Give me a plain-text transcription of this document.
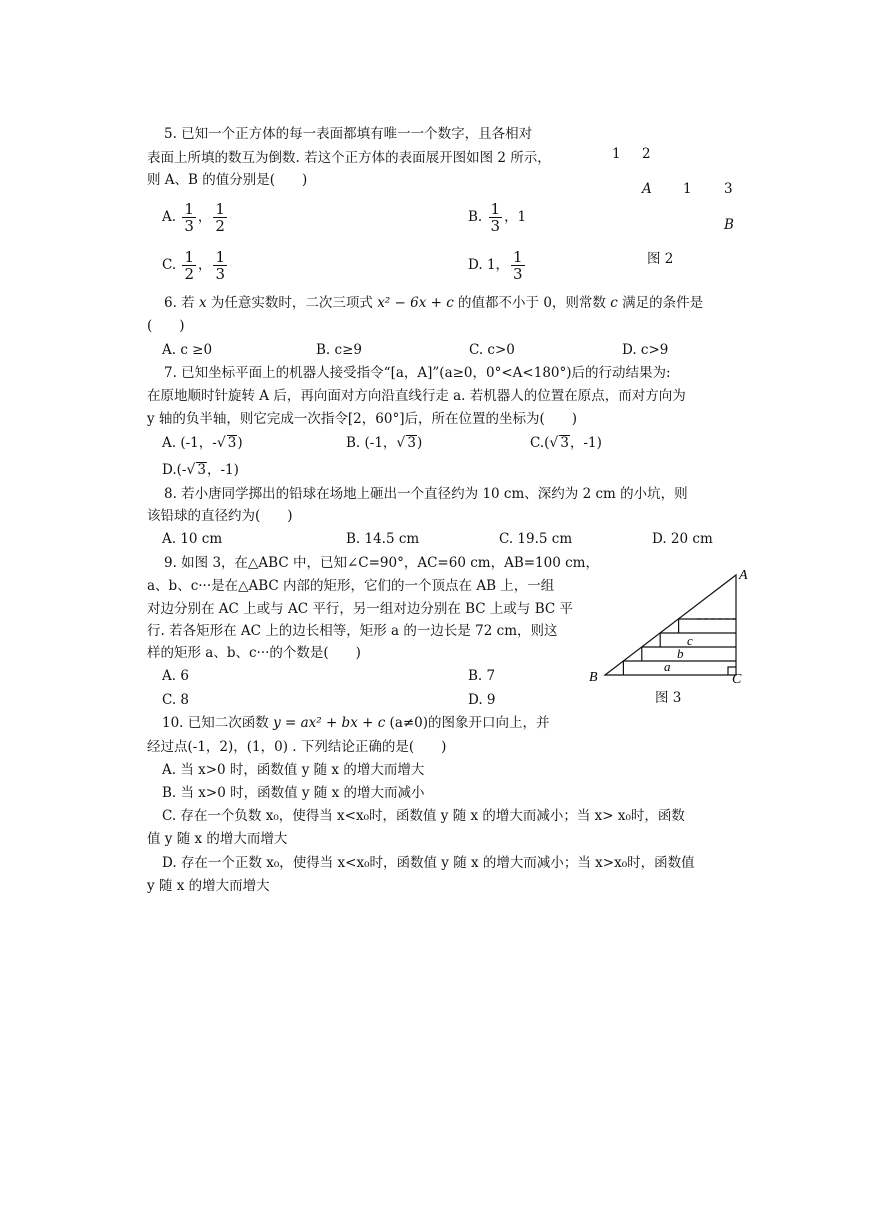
5. 已知一个正方体的每一表面都填有唯一一个数字，且各相对
表面上所填的数互为倒数. 若这个正方体的表面展开图如图 2 所示，
则 A、B 的值分别是(　　)
A. $\frac{1}{3}$ ， $\frac{1}{2}$	B. $\frac{1}{3}$ ，1
C. $\frac{1}{2}$ ， $\frac{1}{3}$	D. 1， $\frac{1}{3}$
1 2
A 1 3
B
图 2
6. 若 x 为任意实数时，二次三项式 x² − 6x + c 的值都不小于 0，则常数 c 满足的条件是
(　　)
A. c ≥0	B. c≥9	C. c>0	D. c>9
7. 已知坐标平面上的机器人接受指令“[a，A]”(a≥0，0°<A<180°)后的行动结果为:
在原地顺时针旋转 A 后，再向面对方向沿直线行走 a. 若机器人的位置在原点，而对方向为
y 轴的负半轴，则它完成一次指令[2，60°]后，所在位置的坐标为(　　)
A. (-1，-√ 3)	B. (-1，√ 3)	C.(√ 3，-1)
D.(-√ 3，-1)
8. 若小唐同学掷出的铅球在场地上砸出一个直径约为 10 cm、深约为 2 cm 的小坑，则
该铅球的直径约为(　　)
A. 10 cm	B. 14.5 cm	C. 19.5 cm	D. 20 cm
9. 如图 3，在△ABC 中，已知∠C=90°，AC=60 cm，AB=100 cm，
a、b、c···是在△ABC 内部的矩形，它们的一个顶点在 AB 上，一组
对边分别在 AC 上或与 AC 平行，另一组对边分别在 BC 上或与 BC 平
行. 若各矩形在 AC 上的边长相等，矩形 a 的一边长是 72 cm，则这
样的矩形 a、b、c···的个数是(　　)
A. 6	B. 7
C. 8	D. 9
A
B	C
a
b
c
图 3
10. 已知二次函数 y = ax² + bx + c (a≠0)的图象开口向上，并
经过点(-1，2)，(1，0) . 下列结论正确的是(　　)
A. 当 x>0 时，函数值 y 随 x 的增大而增大
B. 当 x>0 时，函数值 y 随 x 的增大而减小
C. 存在一个负数 x₀，使得当 x<x₀时，函数值 y 随 x 的增大而减小；当 x> x₀时，函数
值 y 随 x 的增大而增大
D. 存在一个正数 x₀，使得当 x<x₀时，函数值 y 随 x 的增大而减小；当 x>x₀时，函数值
y 随 x 的增大而增大
